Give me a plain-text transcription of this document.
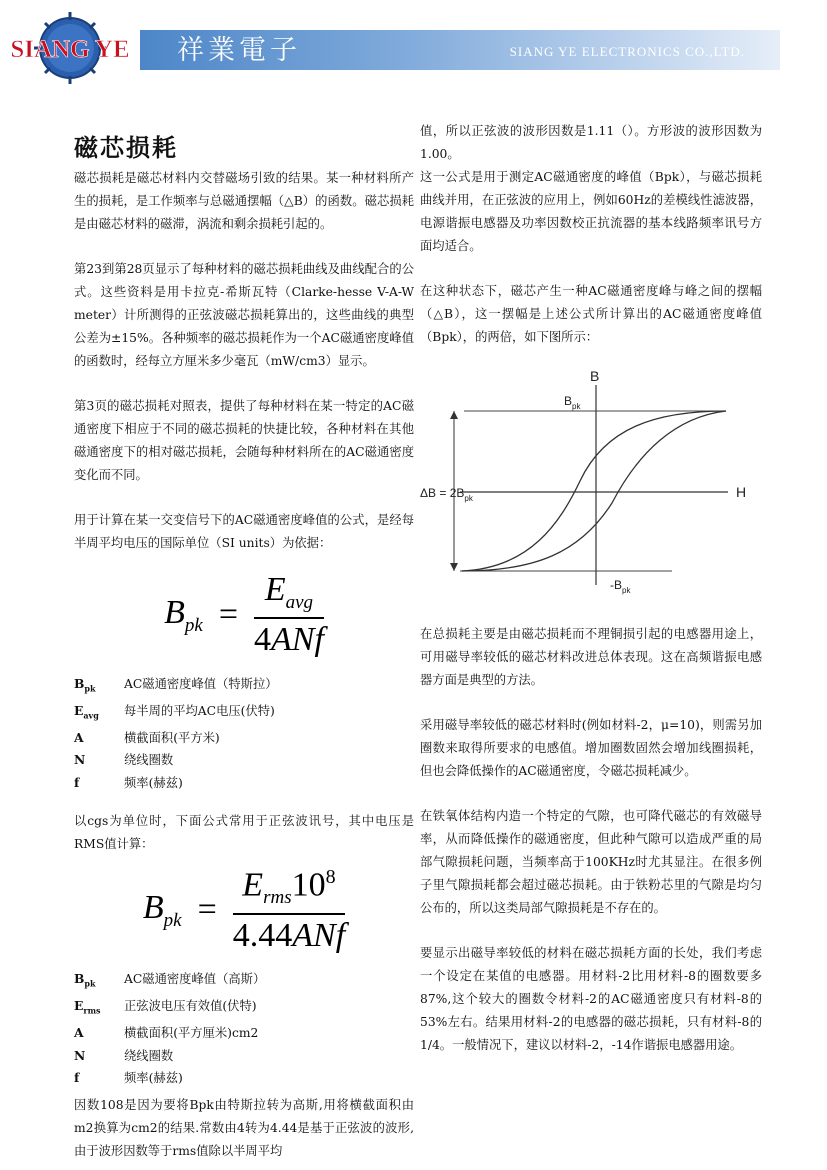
SIANG YE 祥業電子	SIANG YE ELECTRONICS CO.,LTD.
磁芯损耗

磁芯损耗是磁芯材料内交替磁场引致的结果。某一种材料所产生的损耗，是工作频率与总磁通摆幅（△B）的函数。磁芯损耗是由磁芯材料的磁滞，涡流和剩余损耗引起的。

第23到第28页显示了每种材料的磁芯损耗曲线及曲线配合的公式。这些资料是用卡拉克-希斯瓦特（Clarke-hesse V-A-W meter）计所测得的正弦波磁芯损耗算出的，这些曲线的典型公差为±15%。各种频率的磁芯损耗作为一个AC磁通密度峰值的函数时，经每立方厘米多少毫瓦（mW/cm3）显示。

第3页的磁芯损耗对照表，提供了每种材料在某一特定的AC磁通密度下相应于不同的磁芯损耗的快捷比较，各种材料在其他磁通密度下的相对磁芯损耗，会随每种材料所在的AC磁通密度变化而不同。

用于计算在某一交变信号下的AC磁通密度峰值的公式，是经每半周平均电压的国际单位（SI units）为依据：

$B_{pk} = \frac{E_{avg}}{\text{4ANf}}$
$B_{pk}$	AC磁通密度峰值（特斯拉）
$E_{avg}$	每半周的平均AC电压(伏特)
A	横截面积(平方米)
N	绕线圈数
f	频率(赫兹)

以cgs为单位时，下面公式常用于正弦波讯号，其中电压是RMS值计算：

$B_{pk} = \frac{E_{rms}10^8}{\text{4.44ANf}}$
$B_{pk}$	AC磁通密度峰值（高斯）
$E_{rms}$	正弦波电压有效值(伏特)
A	横截面积(平方厘米)cm2
N	绕线圈数
f	频率(赫兹)

因数108是因为要将Bpk由特斯拉转为高斯,用将横截面积由m2换算为cm2的结果.常数由4转为4.44是基于正弦波的波形,由于波形因数等于rms值除以半周平均

值，所以正弦波的波形因数是1.11（）。方形波的波形因数为1.00。

这一公式是用于测定AC磁通密度的峰值（Bpk），与磁芯损耗曲线并用，在正弦波的应用上，例如60Hz的差模线性滤波器，电源谐振电感器及功率因数校正抗流器的基本线路频率讯号方面均适合。

在这种状态下，磁芯产生一种AC磁通密度峰与峰之间的摆幅（△B），这一摆幅是上述公式所计算出的AC磁通密度峰值（Bpk），的两倍，如下图所示：

B
H
$B_{pk}$
$-B_{pk}$
$\Delta B = 2B_{pk}$

在总损耗主要是由磁芯损耗而不理铜损引起的电感器用途上，可用磁导率较低的磁芯材料改进总体表现。这在高频谐振电感器方面是典型的方法。

采用磁导率较低的磁芯材料时(例如材料-2，μ=10)，则需另加圈数来取得所要求的电感值。增加圈数固然会增加线圈损耗，但也会降低操作的AC磁通密度，令磁芯损耗减少。

在铁氧体结构内造一个特定的气隙，也可降代磁芯的有效磁导率，从而降低操作的磁通密度，但此种气隙可以造成严重的局部气隙损耗问题，当频率高于100KHz时尤其显注。在很多例子里气隙损耗都会超过磁芯损耗。由于铁粉芯里的气隙是均匀公布的，所以这类局部气隙损耗是不存在的。

要显示出磁导率较低的材料在磁芯损耗方面的长处，我们考虑一个设定在某值的电感器。用材料-2比用材料-8的圈数要多87%,这个较大的圈数令材料-2的AC磁通密度只有材料-8的53%左右。结果用材料-2的电感器的磁芯损耗，只有材料-8的1/4。一般情况下，建议以材料-2，-14作谐振电感器用途。
